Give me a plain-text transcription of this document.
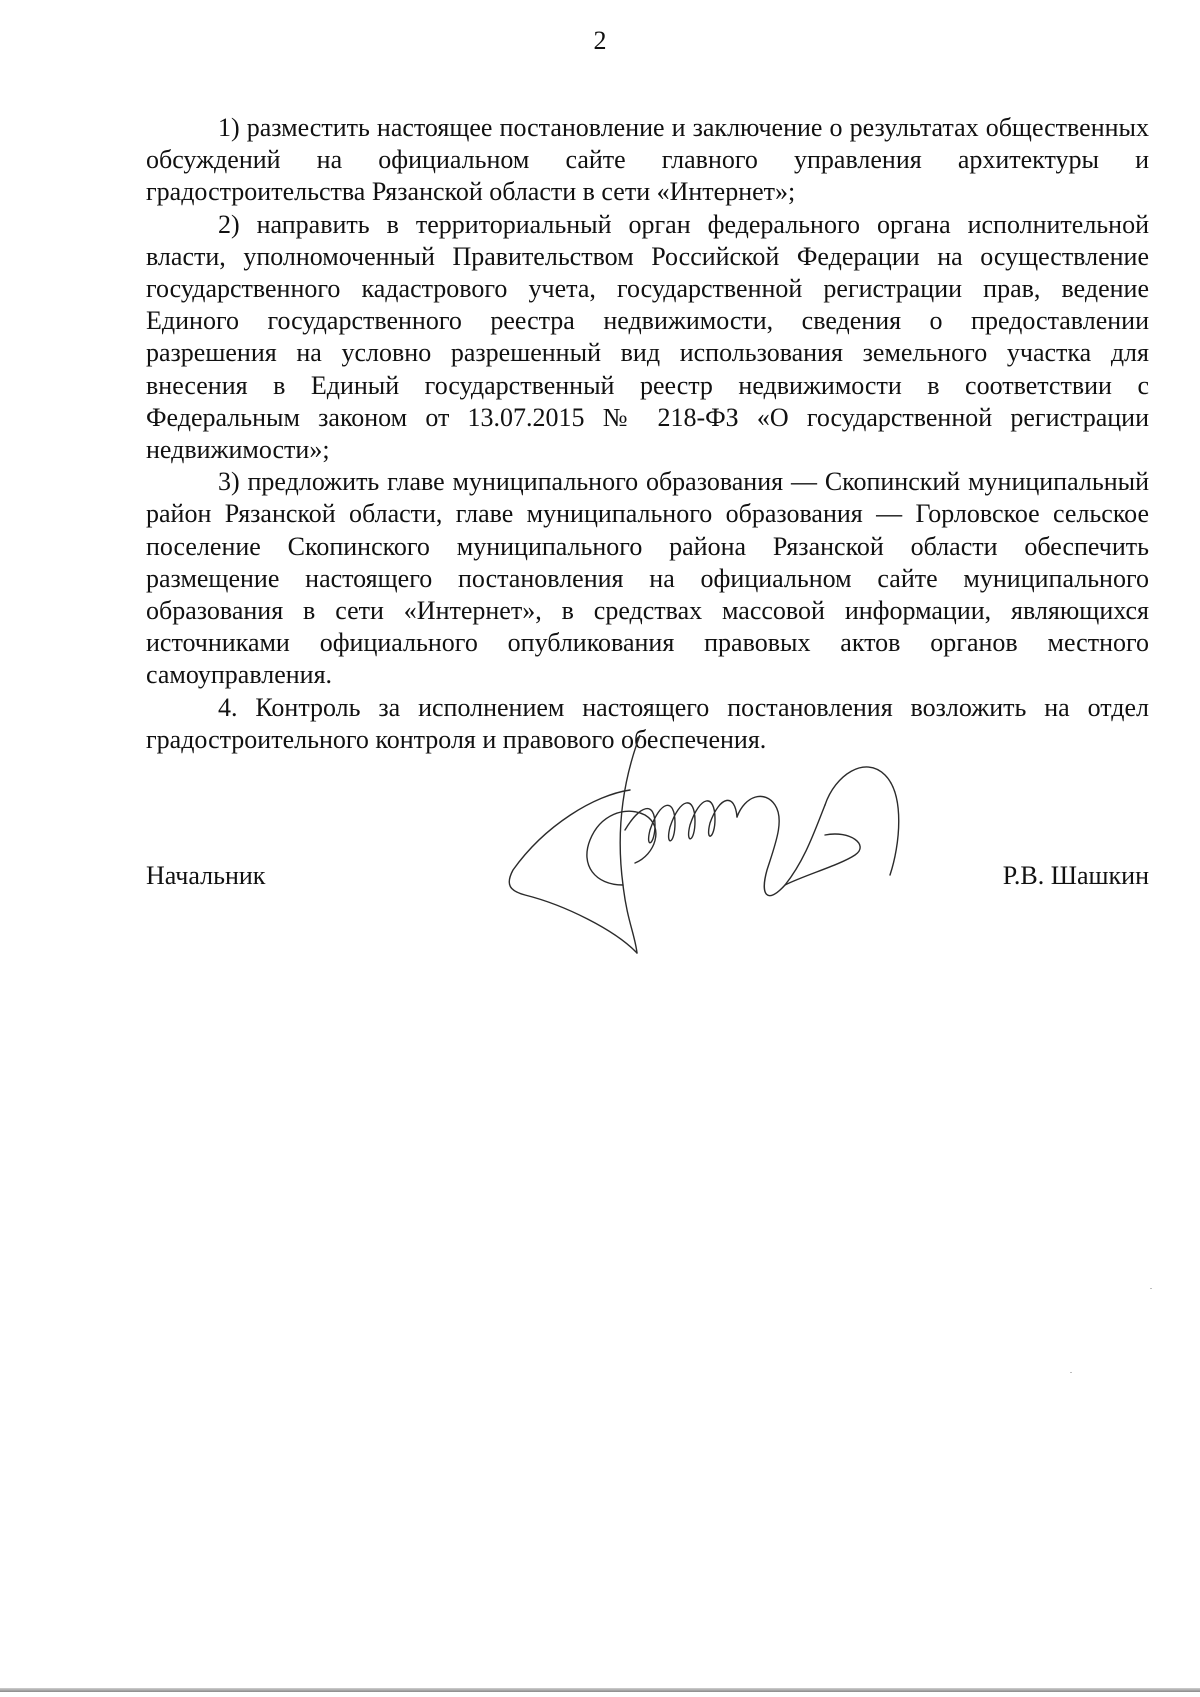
2

1) разместить настоящее постановление и заключение о результатах общественных обсуждений на официальном сайте главного управления архитектуры и градостроительства Рязанской области в сети «Интернет»;

2) направить в территориальный орган федерального органа исполнительной власти, уполномоченный Правительством Российской Федерации на осуществление государственного кадастрового учета, государственной регистрации прав, ведение Единого государственного реестра недвижимости, сведения о предоставлении разрешения на условно разрешенный вид использования земельного участка для внесения в Единый государственный реестр недвижимости в соответствии с Федеральным законом от 13.07.2015 № 218-ФЗ «О государственной регистрации недвижимости»;

3) предложить главе муниципального образования — Скопинский муниципальный район Рязанской области, главе муниципального образования — Горловское сельское поселение Скопинского муниципального района Рязанской области обеспечить размещение настоящего постановления на официальном сайте муниципального образования в сети «Интернет», в средствах массовой информации, являющихся источниками официального опубликования правовых актов органов местного самоуправления.

4. Контроль за исполнением настоящего постановления возложить на отдел градостроительного контроля и правового обеспечения.

Начальник	Р.В. Шашкин
